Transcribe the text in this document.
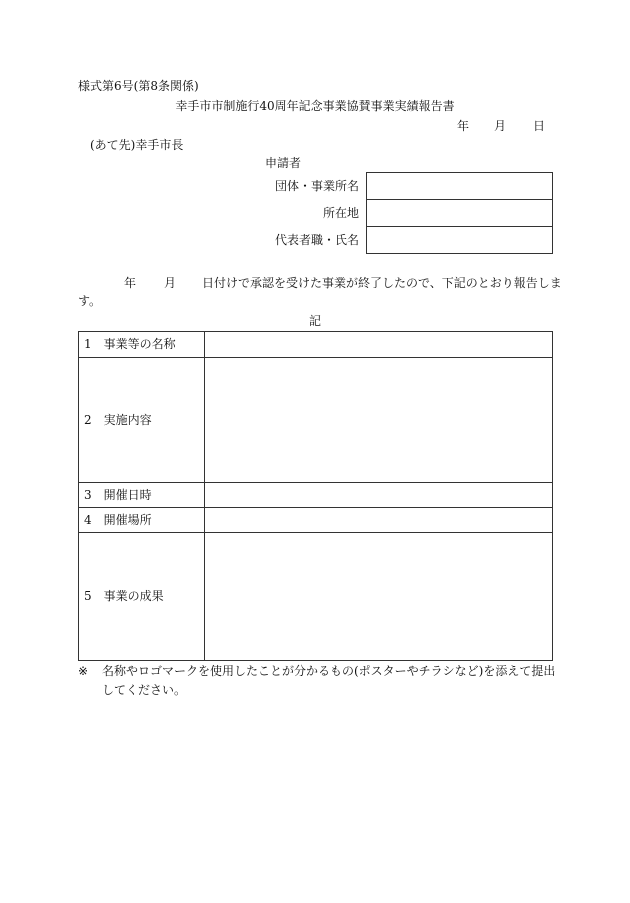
様式第6号(第8条関係)
幸手市市制施行40周年記念事業協賛事業実績報告書
年 月 日
(あて先)幸手市長
申請者
団体・事業所名
所在地
代表者職・氏名
年 月 日付けで承認を受けた事業が終了したので、下記のとおり報告しま
す。
記
1　事業等の名称
2　実施内容
3　開催日時
4　開催場所
5　事業の成果
※ 名称やロゴマークを使用したことが分かるもの(ポスターやチラシなど)を添えて提出
してください。
